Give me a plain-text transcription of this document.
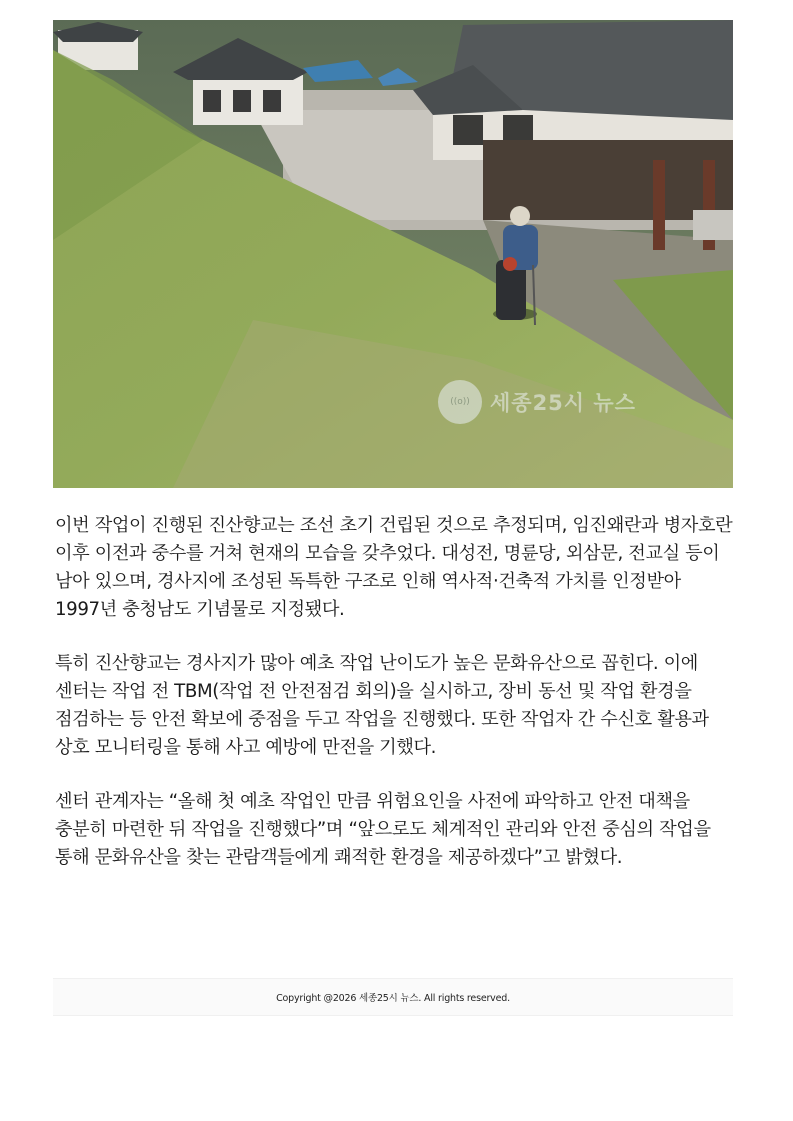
((o)) 세종25시 뉴스

이번 작업이 진행된 진산향교는 조선 초기 건립된 것으로 추정되며, 임진왜란과 병자호란 이후 이전과 중수를 거쳐 현재의 모습을 갖추었다. 대성전, 명륜당, 외삼문, 전교실 등이 남아 있으며, 경사지에 조성된 독특한 구조로 인해 역사적·건축적 가치를 인정받아 1997년 충청남도 기념물로 지정됐다.

특히 진산향교는 경사지가 많아 예초 작업 난이도가 높은 문화유산으로 꼽힌다. 이에 센터는 작업 전 TBM(작업 전 안전점검 회의)을 실시하고, 장비 동선 및 작업 환경을 점검하는 등 안전 확보에 중점을 두고 작업을 진행했다. 또한 작업자 간 수신호 활용과 상호 모니터링을 통해 사고 예방에 만전을 기했다.

센터 관계자는 “올해 첫 예초 작업인 만큼 위험요인을 사전에 파악하고 안전 대책을 충분히 마련한 뒤 작업을 진행했다”며 “앞으로도 체계적인 관리와 안전 중심의 작업을 통해 문화유산을 찾는 관람객들에게 쾌적한 환경을 제공하겠다”고 밝혔다.

Copyright @2026 세종25시 뉴스. All rights reserved.
